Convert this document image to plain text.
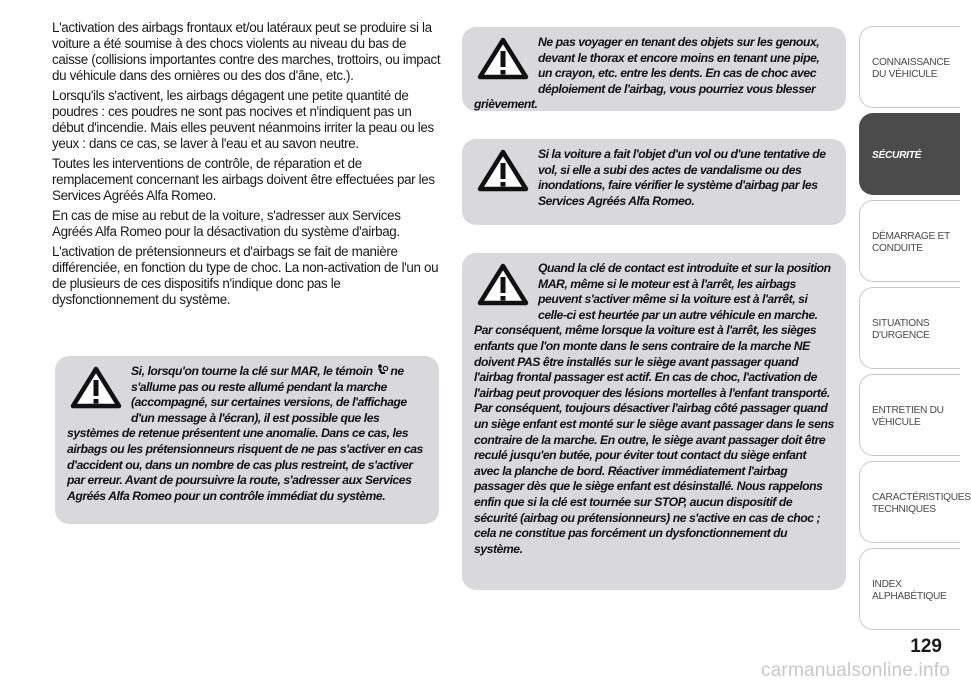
L'activation des airbags frontaux et/ou latéraux peut se produire si la voiture a été soumise à des chocs violents au niveau du bas de caisse (collisions importantes contre des marches, trottoirs, ou impact du véhicule dans des ornières ou des dos d'âne, etc.).

Lorsqu'ils s'activent, les airbags dégagent une petite quantité de poudres : ces poudres ne sont pas nocives et n'indiquent pas un début d'incendie. Mais elles peuvent néanmoins irriter la peau ou les yeux : dans ce cas, se laver à l'eau et au savon neutre.

Toutes les interventions de contrôle, de réparation et de remplacement concernant les airbags doivent être effectuées par les Services Agréés Alfa Romeo.

En cas de mise au rebut de la voiture, s'adresser aux Services Agréés Alfa Romeo pour la désactivation du système d'airbag.

L'activation de prétensionneurs et d'airbags se fait de manière différenciée, en fonction du type de choc. La non-activation de l'un ou de plusieurs de ces dispositifs n'indique donc pas le dysfonctionnement du système.

Si, lorsqu'on tourne la clé sur MAR, le témoin  ne s'allume pas ou reste allumé pendant la marche (accompagné, sur certaines versions, de l'affichage d'un message à l'écran), il est possible que les systèmes de retenue présentent une anomalie. Dans ce cas, les airbags ou les prétensionneurs risquent de ne pas s'activer en cas d'accident ou, dans un nombre de cas plus restreint, de s'activer par erreur. Avant de poursuivre la route, s'adresser aux Services Agréés Alfa Romeo pour un contrôle immédiat du système.

Ne pas voyager en tenant des objets sur les genoux, devant le thorax et encore moins en tenant une pipe, un crayon, etc. entre les dents. En cas de choc avec déploiement de l'airbag, vous pourriez vous blesser grièvement.

Si la voiture a fait l'objet d'un vol ou d'une tentative de vol, si elle a subi des actes de vandalisme ou des inondations, faire vérifier le système d'airbag par les Services Agréés Alfa Romeo.

Quand la clé de contact est introduite et sur la position MAR, même si le moteur est à l'arrêt, les airbags peuvent s'activer même si la voiture est à l'arrêt, si celle-ci est heurtée par un autre véhicule en marche. Par conséquent, même lorsque la voiture est à l'arrêt, les sièges enfants que l'on monte dans le sens contraire de la marche NE doivent PAS être installés sur le siège avant passager quand l'airbag frontal passager est actif. En cas de choc, l'activation de l'airbag peut provoquer des lésions mortelles à l'enfant transporté. Par conséquent, toujours désactiver l'airbag côté passager quand un siège enfant est monté sur le siège avant passager dans le sens contraire de la marche. En outre, le siège avant passager doit être reculé jusqu'en butée, pour éviter tout contact du siège enfant avec la planche de bord. Réactiver immédiatement l'airbag passager dès que le siège enfant est désinstallé. Nous rappelons enfin que si la clé est tournée sur STOP, aucun dispositif de sécurité (airbag ou prétensionneurs) ne s'active en cas de choc ; cela ne constitue pas forcément un dysfonctionnement du système.

CONNAISSANCE DU VÉHICULE
SÉCURITÉ
DÉMARRAGE ET CONDUITE
SITUATIONS D'URGENCE
ENTRETIEN DU VÉHICULE
CARACTÉRISTIQUES TECHNIQUES
INDEX ALPHABÉTIQUE
129
carmanualsonline.info
